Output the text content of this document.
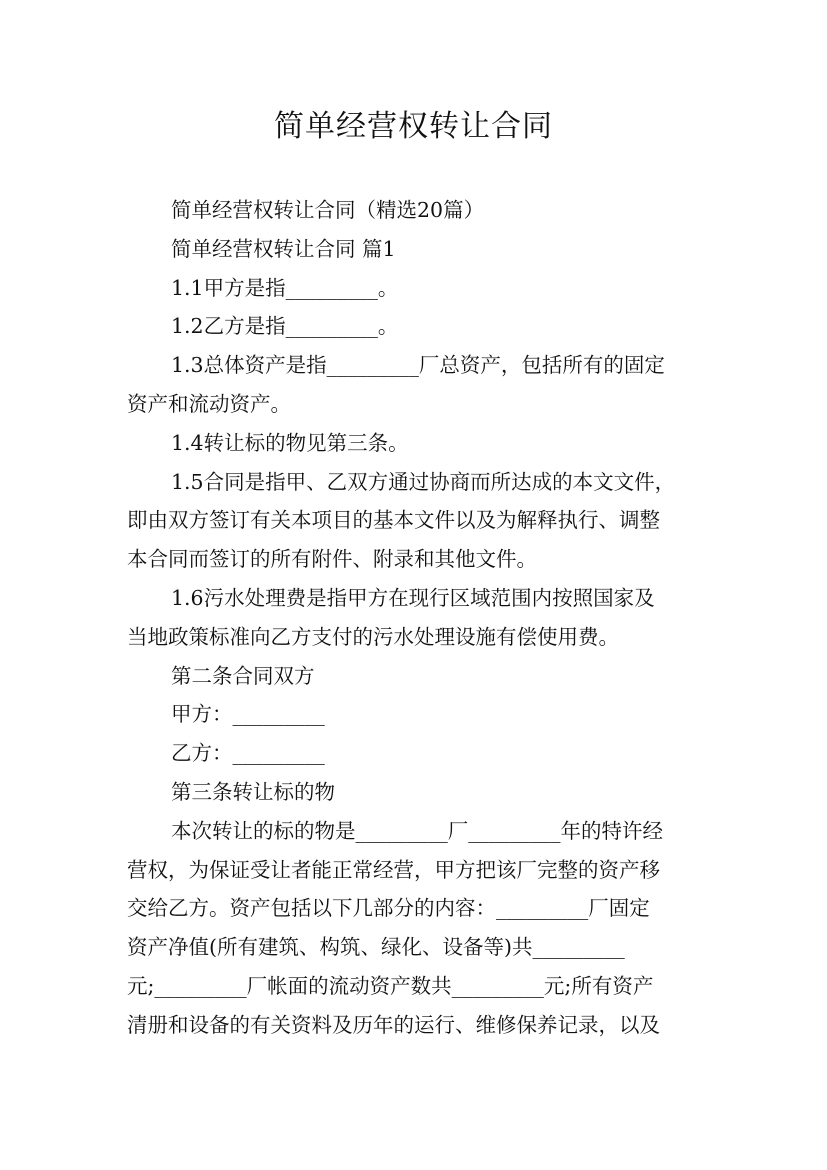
简单经营权转让合同

简单经营权转让合同（精选20篇）

简单经营权转让合同 篇1

1.1甲方是指_________。

1.2乙方是指_________。

1.3总体资产是指_________厂总资产，包括所有的固定

资产和流动资产。

1.4转让标的物见第三条。

1.5合同是指甲、乙双方通过协商而所达成的本文文件，

即由双方签订有关本项目的基本文件以及为解释执行、调整

本合同而签订的所有附件、附录和其他文件。

1.6污水处理费是指甲方在现行区域范围内按照国家及

当地政策标准向乙方支付的污水处理设施有偿使用费。

第二条合同双方

甲方：_________

乙方：_________

第三条转让标的物

本次转让的标的物是_________厂_________年的特许经

营权，为保证受让者能正常经营，甲方把该厂完整的资产移

交给乙方。资产包括以下几部分的内容：_________厂固定

资产净值(所有建筑、构筑、绿化、设备等)共_________

元;_________厂帐面的流动资产数共_________元;所有资产

清册和设备的有关资料及历年的运行、维修保养记录，以及
